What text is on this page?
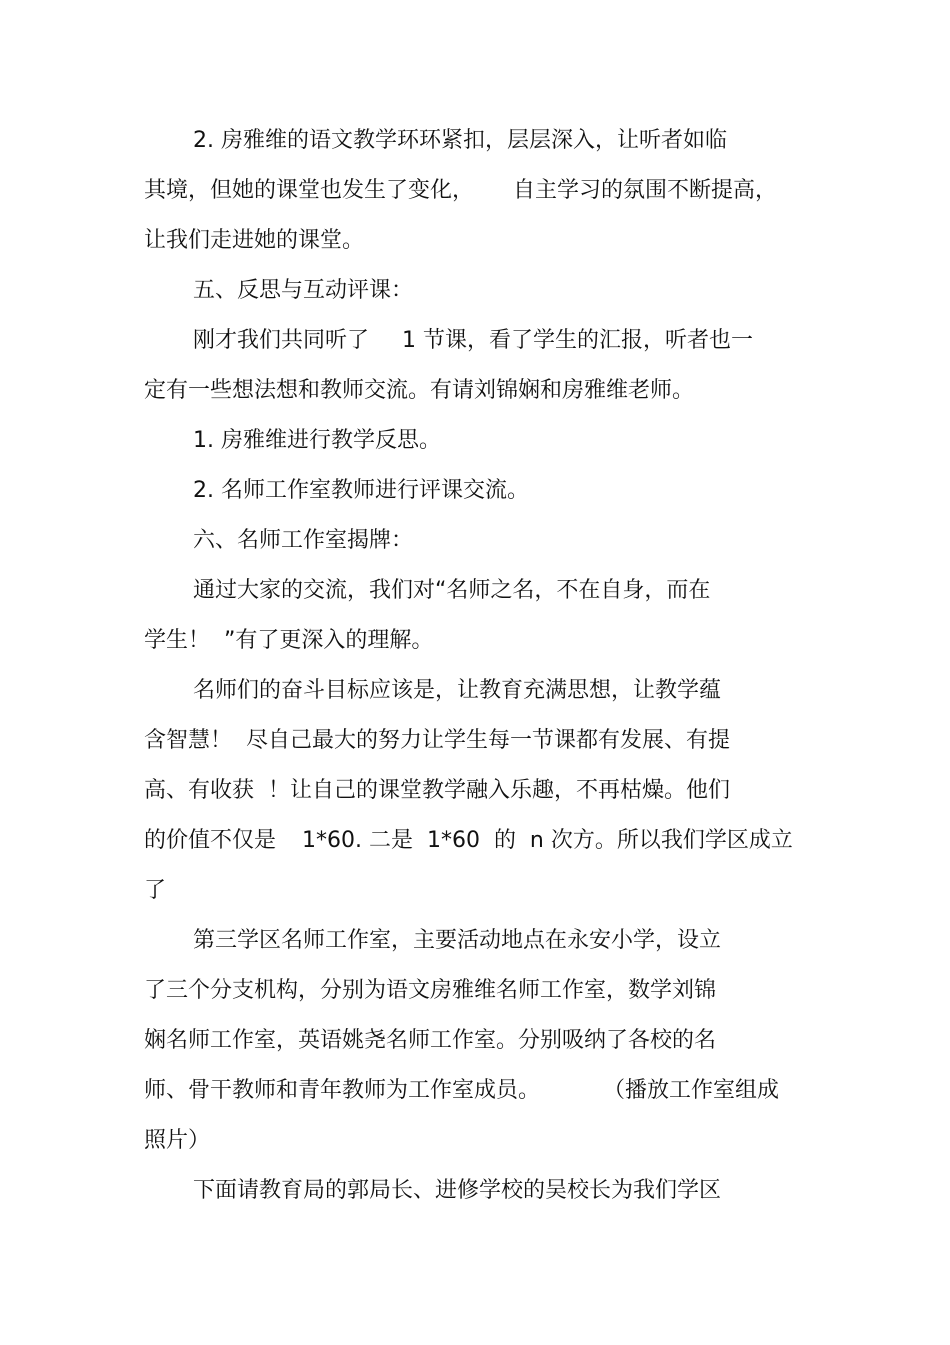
2. 房雅维的语文教学环环紧扣，层层深入，让听者如临

其境，但她的课堂也发生了变化，

自主学习的氛围不断提高，

让我们走进她的课堂。

五、反思与互动评课：

刚才我们共同听了

1 节课，看了学生的汇报，听者也一

定有一些想法想和教师交流。有请刘锦娴和房雅维老师。

1. 房雅维进行教学反思。

2. 名师工作室教师进行评课交流。

六、名师工作室揭牌：

通过大家的交流，我们对“名师之名，不在自身，而在

学生！  ”有了更深入的理解。

名师们的奋斗目标应该是，让教育充满思想，让教学蕴

含智慧！  尽自己最大的努力让学生每一节课都有发展、有提

高、有收获  ！让自己的课堂教学融入乐趣，不再枯燥。他们

的价值不仅是

1*60. 二是  1*60  的  n 次方。所以我们学区成立

了

第三学区名师工作室，主要活动地点在永安小学，设立

了三个分支机构，分别为语文房雅维名师工作室，数学刘锦

娴名师工作室，英语姚尧名师工作室。分别吸纳了各校的名

师、骨干教师和青年教师为工作室成员。

	（播放工作室组成

照片）

下面请教育局的郭局长、进修学校的吴校长为我们学区
